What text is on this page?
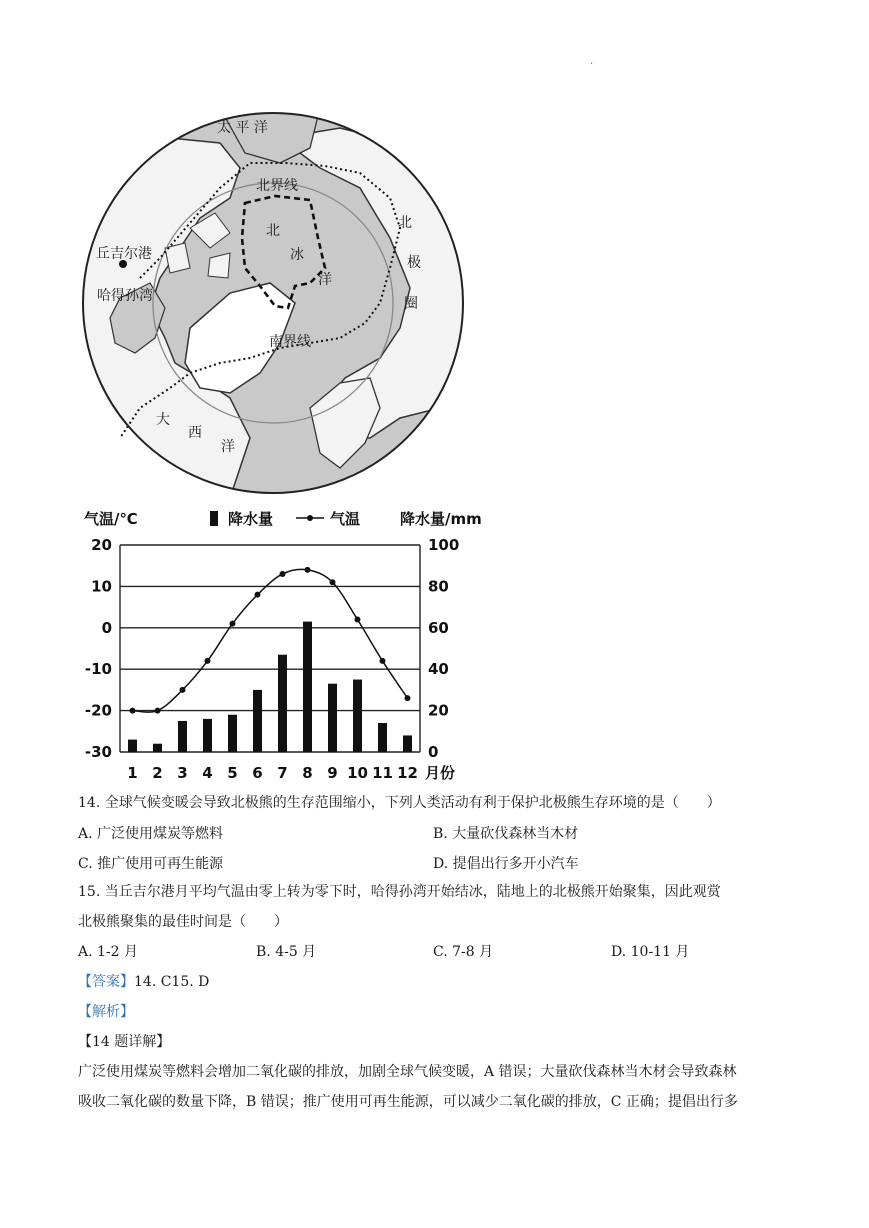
.
太 平 洋
北界线
北
冰
洋
北
极
圈
丘吉尔港
哈得孙湾
南界线
大
西
洋
气温/℃	降水量	气温	降水量/mm
月份
20	100
10	80
0	60
-10	40
-20	20
-30	0
1 2 3 4 5 6 7 8 9 10 11 12
14. 全球气候变暖会导致北极熊的生存范围缩小，下列人类活动有利于保护北极熊生存环境的是（　　）
A. 广泛使用煤炭等燃料	B. 大量砍伐森林当木材
C. 推广使用可再生能源	D. 提倡出行多开小汽车
15. 当丘吉尔港月平均气温由零上转为零下时，哈得孙湾开始结冰，陆地上的北极熊开始聚集，因此观赏
北极熊聚集的最佳时间是（　　）
A. 1-2 月	B. 4-5 月	C. 7-8 月	D. 10-11 月
【答案】14. C15. D
【解析】
【14 题详解】
广泛使用煤炭等燃料会增加二氧化碳的排放，加剧全球气候变暖，A 错误；大量砍伐森林当木材会导致森林
吸收二氧化碳的数量下降，B 错误；推广使用可再生能源，可以减少二氧化碳的排放，C 正确；提倡出行多
